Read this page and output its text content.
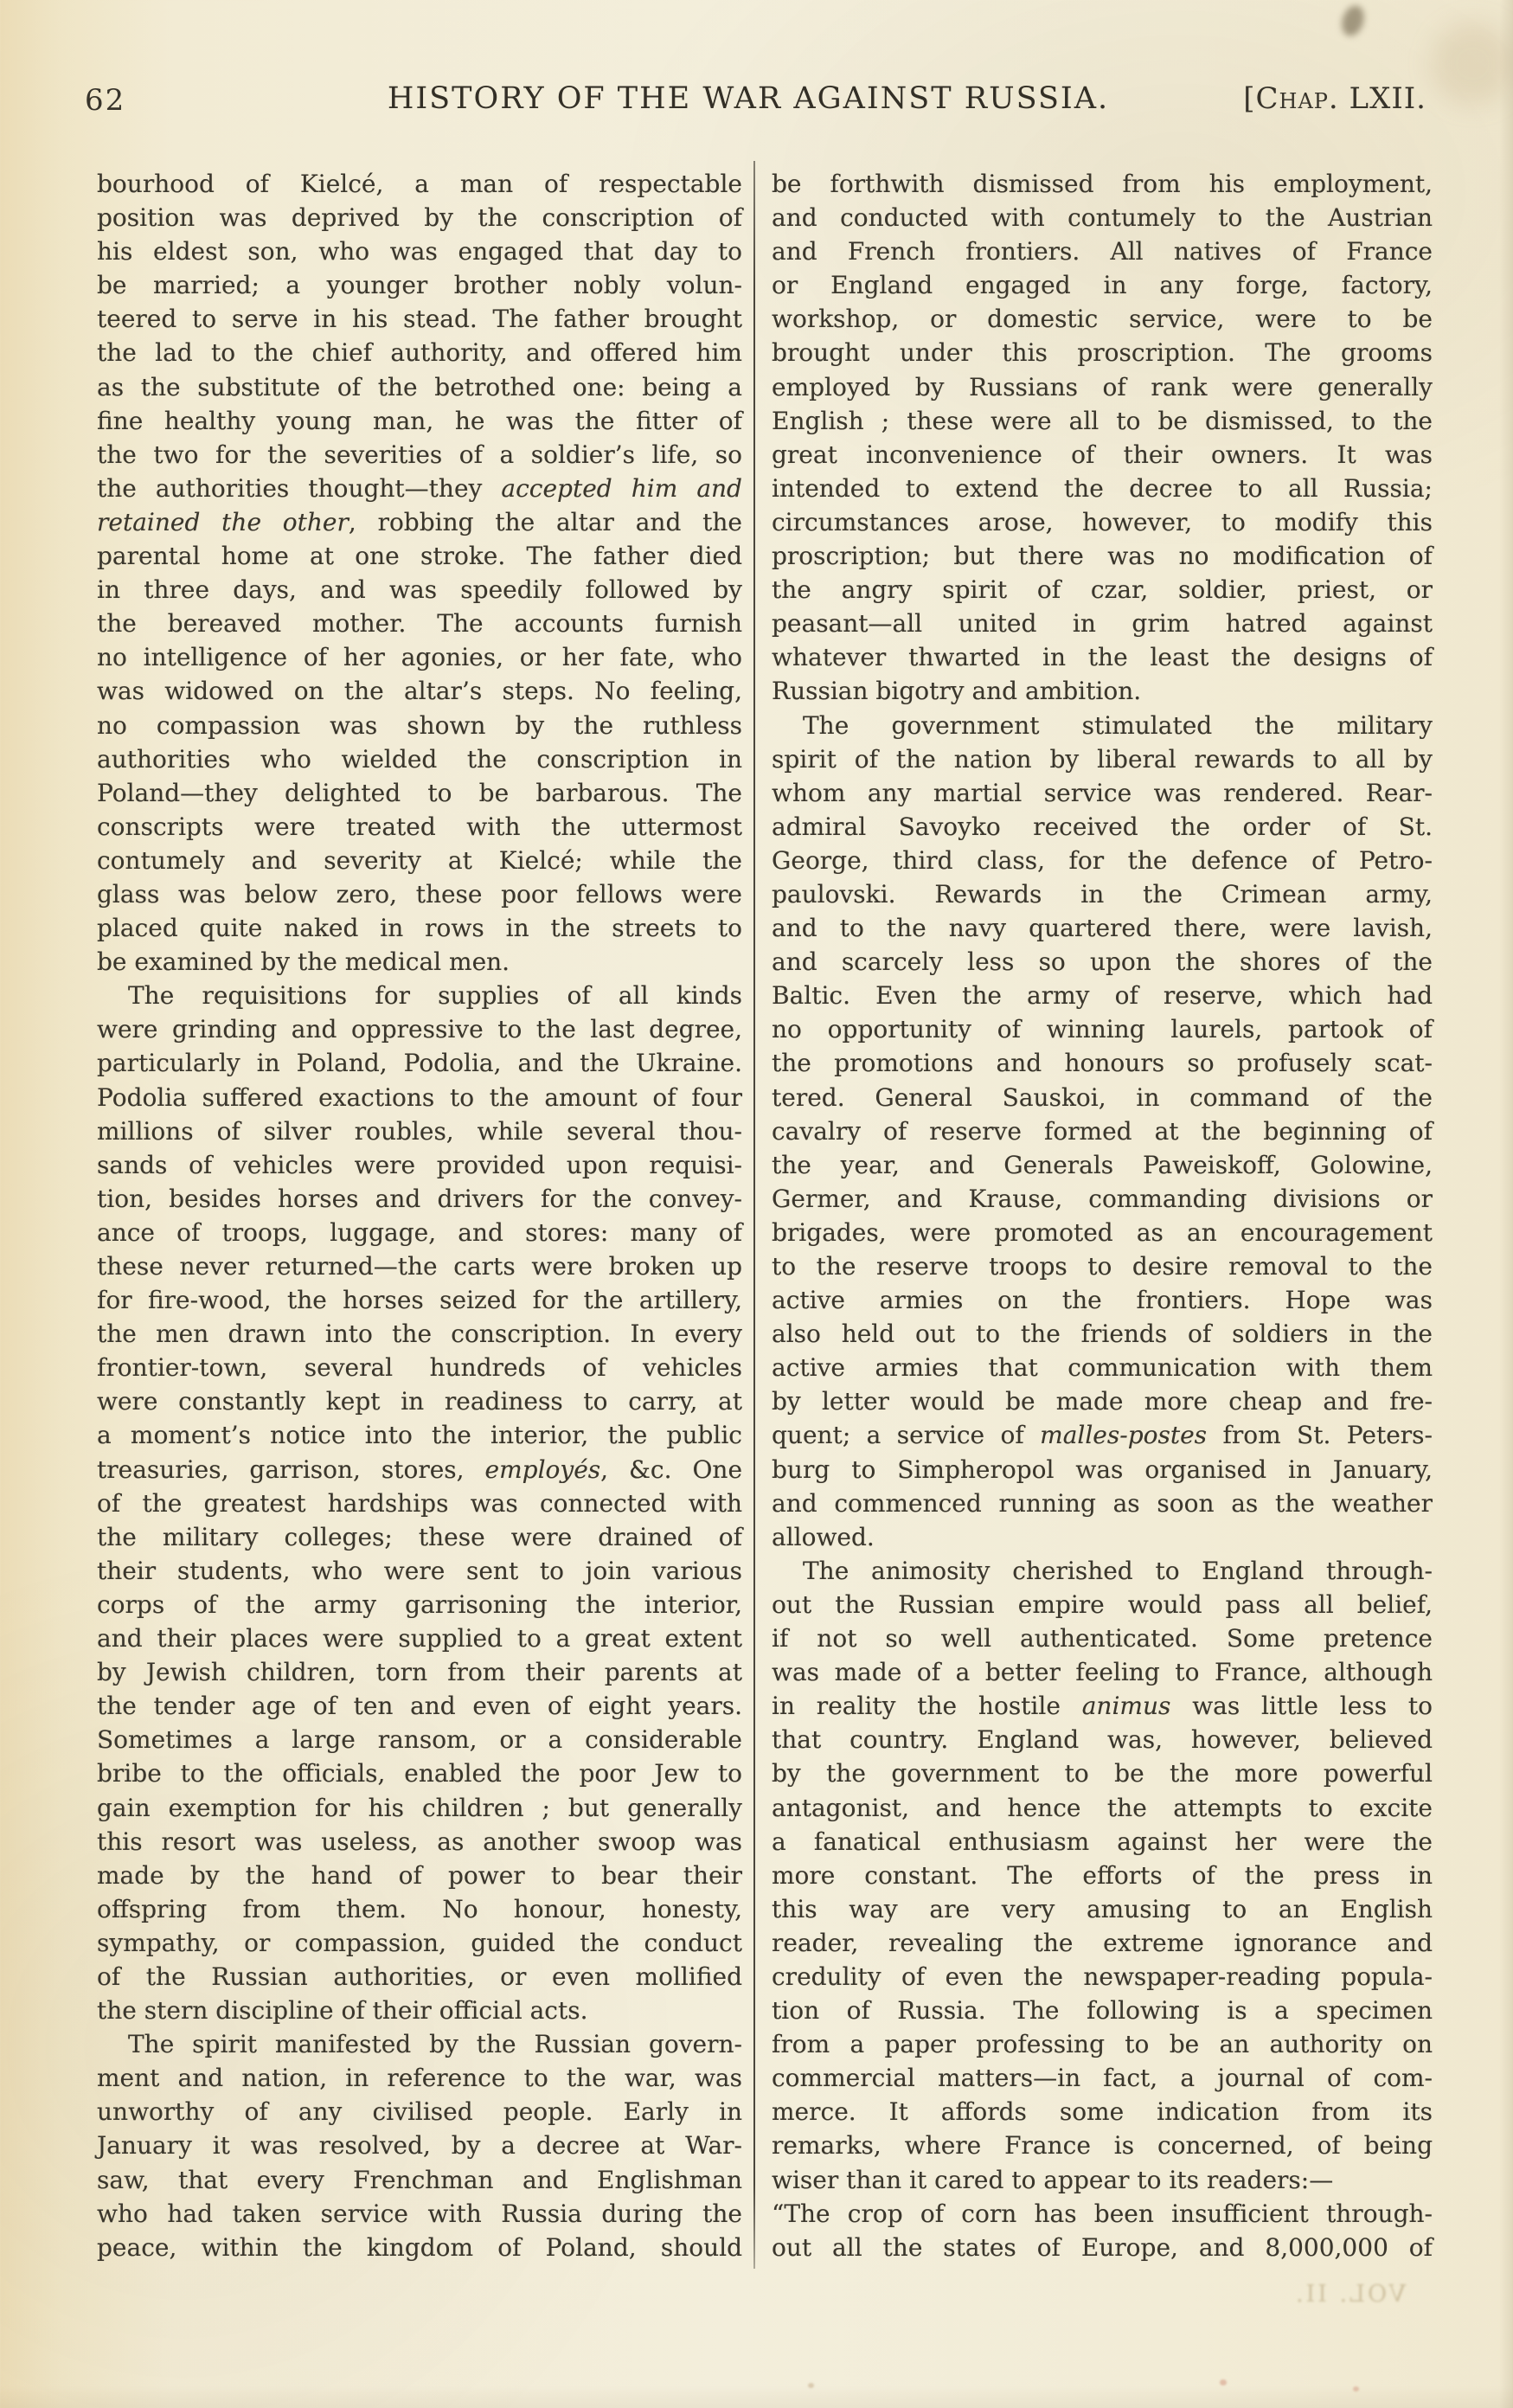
62	HISTORY OF THE WAR AGAINST RUSSIA.	[Chap. LXII.
bourhood of Kielcé, a man of respectable
position was deprived by the conscription of
his eldest son, who was engaged that day to
be married; a younger brother nobly volun-
teered to serve in his stead. The father brought
the lad to the chief authority, and offered him
as the substitute of the betrothed one: being a
fine healthy young man, he was the fitter of
the two for the severities of a soldier’s life, so
the authorities thought—they accepted him and
retained the other, robbing the altar and the
parental home at one stroke. The father died
in three days, and was speedily followed by
the bereaved mother. The accounts furnish
no intelligence of her agonies, or her fate, who
was widowed on the altar’s steps. No feeling,
no compassion was shown by the ruthless
authorities who wielded the conscription in
Poland—they delighted to be barbarous. The
conscripts were treated with the uttermost
contumely and severity at Kielcé; while the
glass was below zero, these poor fellows were
placed quite naked in rows in the streets to
be examined by the medical men.
The requisitions for supplies of all kinds
were grinding and oppressive to the last degree,
particularly in Poland, Podolia, and the Ukraine.
Podolia suffered exactions to the amount of four
millions of silver roubles, while several thou-
sands of vehicles were provided upon requisi-
tion, besides horses and drivers for the convey-
ance of troops, luggage, and stores: many of
these never returned—the carts were broken up
for fire-wood, the horses seized for the artillery,
the men drawn into the conscription. In every
frontier-town, several hundreds of vehicles
were constantly kept in readiness to carry, at
a moment’s notice into the interior, the public
treasuries, garrison, stores, employés, &c. One
of the greatest hardships was connected with
the military colleges; these were drained of
their students, who were sent to join various
corps of the army garrisoning the interior,
and their places were supplied to a great extent
by Jewish children, torn from their parents at
the tender age of ten and even of eight years.
Sometimes a large ransom, or a considerable
bribe to the officials, enabled the poor Jew to
gain exemption for his children ; but generally
this resort was useless, as another swoop was
made by the hand of power to bear their
offspring from them. No honour, honesty,
sympathy, or compassion, guided the conduct
of the Russian authorities, or even mollified
the stern discipline of their official acts.
The spirit manifested by the Russian govern-
ment and nation, in reference to the war, was
unworthy of any civilised people. Early in
January it was resolved, by a decree at War-
saw, that every Frenchman and Englishman
who had taken service with Russia during the
peace, within the kingdom of Poland, should
be forthwith dismissed from his employment,
and conducted with contumely to the Austrian
and French frontiers. All natives of France
or England engaged in any forge, factory,
workshop, or domestic service, were to be
brought under this proscription. The grooms
employed by Russians of rank were generally
English ; these were all to be dismissed, to the
great inconvenience of their owners. It was
intended to extend the decree to all Russia;
circumstances arose, however, to modify this
proscription; but there was no modification of
the angry spirit of czar, soldier, priest, or
peasant—all united in grim hatred against
whatever thwarted in the least the designs of
Russian bigotry and ambition.
The government stimulated the military
spirit of the nation by liberal rewards to all by
whom any martial service was rendered. Rear-
admiral Savoyko received the order of St.
George, third class, for the defence of Petro-
paulovski. Rewards in the Crimean army,
and to the navy quartered there, were lavish,
and scarcely less so upon the shores of the
Baltic. Even the army of reserve, which had
no opportunity of winning laurels, partook of
the promotions and honours so profusely scat-
tered. General Sauskoi, in command of the
cavalry of reserve formed at the beginning of
the year, and Generals Paweiskoff, Golowine,
Germer, and Krause, commanding divisions or
brigades, were promoted as an encouragement
to the reserve troops to desire removal to the
active armies on the frontiers. Hope was
also held out to the friends of soldiers in the
active armies that communication with them
by letter would be made more cheap and fre-
quent; a service of malles-postes from St. Peters-
burg to Simpheropol was organised in January,
and commenced running as soon as the weather
allowed.
The animosity cherished to England through-
out the Russian empire would pass all belief,
if not so well authenticated. Some pretence
was made of a better feeling to France, although
in reality the hostile animus was little less to
that country. England was, however, believed
by the government to be the more powerful
antagonist, and hence the attempts to excite
a fanatical enthusiasm against her were the
more constant. The efforts of the press in
this way are very amusing to an English
reader, revealing the extreme ignorance and
credulity of even the newspaper-reading popula-
tion of Russia. The following is a specimen
from a paper professing to be an authority on
commercial matters—in fact, a journal of com-
merce. It affords some indication from its
remarks, where France is concerned, of being
wiser than it cared to appear to its readers:—
“The crop of corn has been insufficient through-
out all the states of Europe, and 8,000,000 of
VOL. II.
